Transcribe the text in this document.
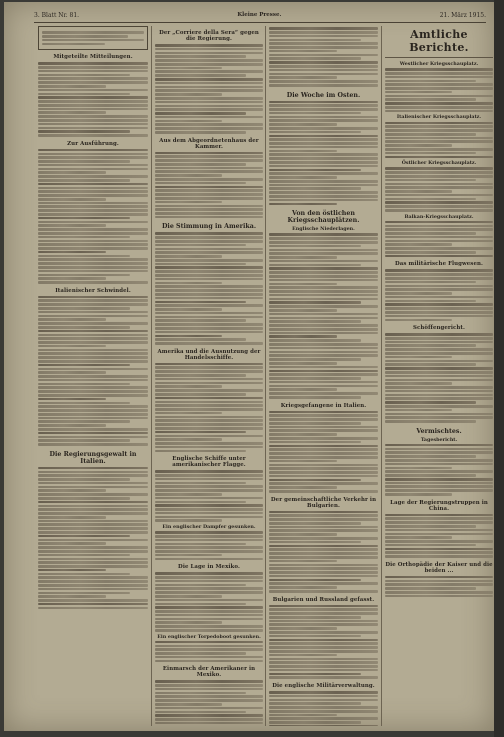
3. Blatt Nr. 81.	Kleine Presse.	21. März 1915.
Mitgeteilte Mitteilungen.
Zur Ausführung.
Italienischer Schwindel.
Die Regierungsgewalt in Italien.
Der „Corriere della Sera“ gegen die Regierung.
Aus dem Abgeordnetenhaus der Kammer.
Die Stimmung in Amerika.
Amerika und die Ausnutzung der Handelsschiffe.
Englische Schiffe unter amerikanischer Flagge.
Ein englischer Dampfer gesunken.
Die Lage in Mexiko.
Ein englischer Torpedoboot gesunken.
Einmarsch der Amerikaner in Mexiko.
Die Woche im Osten.
Von den östlichen Kriegsschauplätzen.
Englische Niederlagen.
Kriegsgefangene in Italien.
Der gemeinschaftliche Verkehr in Bulgarien.
Bulgarien und Russland gefasst.
Die englische Militärverwaltung.
Amtliche Berichte.
Westlicher Kriegsschauplatz.
Italienischer Kriegsschauplatz.
Östlicher Kriegsschauplatz.
Balkan-Kriegsschauplatz.
Das militärische Flugwesen.
Schöffengericht.
Vermischtes.
Tagesbericht.
Lage der Regierungstruppen in China.
Die Orthopädie der Kaiser und die beiden ...
